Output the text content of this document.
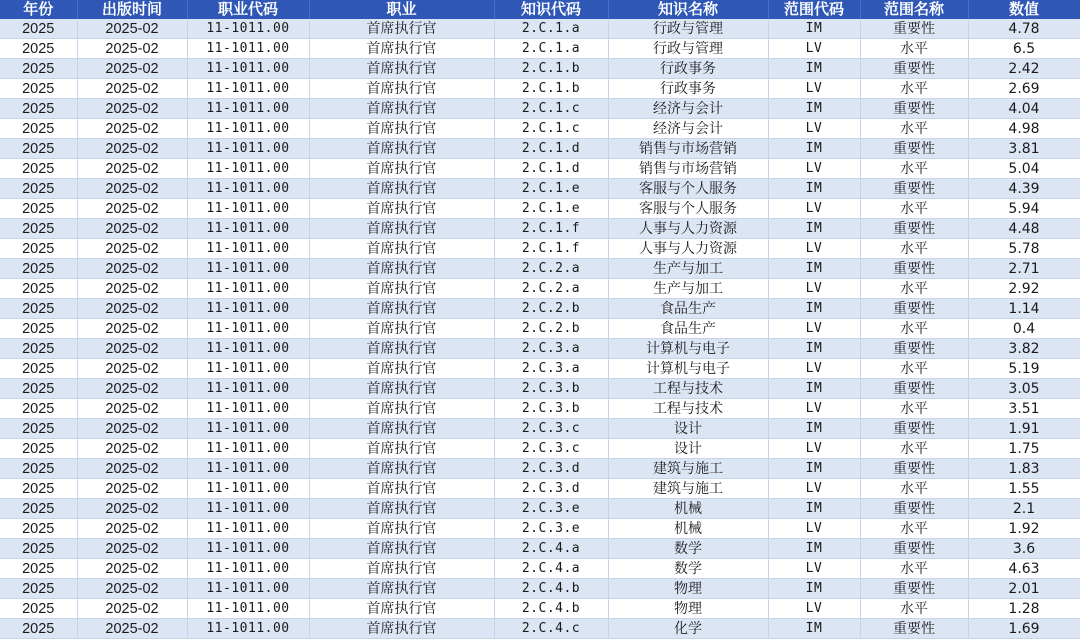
年份	出版时间	职业代码	职业	知识代码	知识名称	范围代码	范围名称	数值
2025	2025-02	11-1011.00	首席执行官	2.C.1.a	行政与管理	IM	重要性	4.78
2025	2025-02	11-1011.00	首席执行官	2.C.1.a	行政与管理	LV	水平	6.5
2025	2025-02	11-1011.00	首席执行官	2.C.1.b	行政事务	IM	重要性	2.42
2025	2025-02	11-1011.00	首席执行官	2.C.1.b	行政事务	LV	水平	2.69
2025	2025-02	11-1011.00	首席执行官	2.C.1.c	经济与会计	IM	重要性	4.04
2025	2025-02	11-1011.00	首席执行官	2.C.1.c	经济与会计	LV	水平	4.98
2025	2025-02	11-1011.00	首席执行官	2.C.1.d	销售与市场营销	IM	重要性	3.81
2025	2025-02	11-1011.00	首席执行官	2.C.1.d	销售与市场营销	LV	水平	5.04
2025	2025-02	11-1011.00	首席执行官	2.C.1.e	客服与个人服务	IM	重要性	4.39
2025	2025-02	11-1011.00	首席执行官	2.C.1.e	客服与个人服务	LV	水平	5.94
2025	2025-02	11-1011.00	首席执行官	2.C.1.f	人事与人力资源	IM	重要性	4.48
2025	2025-02	11-1011.00	首席执行官	2.C.1.f	人事与人力资源	LV	水平	5.78
2025	2025-02	11-1011.00	首席执行官	2.C.2.a	生产与加工	IM	重要性	2.71
2025	2025-02	11-1011.00	首席执行官	2.C.2.a	生产与加工	LV	水平	2.92
2025	2025-02	11-1011.00	首席执行官	2.C.2.b	食品生产	IM	重要性	1.14
2025	2025-02	11-1011.00	首席执行官	2.C.2.b	食品生产	LV	水平	0.4
2025	2025-02	11-1011.00	首席执行官	2.C.3.a	计算机与电子	IM	重要性	3.82
2025	2025-02	11-1011.00	首席执行官	2.C.3.a	计算机与电子	LV	水平	5.19
2025	2025-02	11-1011.00	首席执行官	2.C.3.b	工程与技术	IM	重要性	3.05
2025	2025-02	11-1011.00	首席执行官	2.C.3.b	工程与技术	LV	水平	3.51
2025	2025-02	11-1011.00	首席执行官	2.C.3.c	设计	IM	重要性	1.91
2025	2025-02	11-1011.00	首席执行官	2.C.3.c	设计	LV	水平	1.75
2025	2025-02	11-1011.00	首席执行官	2.C.3.d	建筑与施工	IM	重要性	1.83
2025	2025-02	11-1011.00	首席执行官	2.C.3.d	建筑与施工	LV	水平	1.55
2025	2025-02	11-1011.00	首席执行官	2.C.3.e	机械	IM	重要性	2.1
2025	2025-02	11-1011.00	首席执行官	2.C.3.e	机械	LV	水平	1.92
2025	2025-02	11-1011.00	首席执行官	2.C.4.a	数学	IM	重要性	3.6
2025	2025-02	11-1011.00	首席执行官	2.C.4.a	数学	LV	水平	4.63
2025	2025-02	11-1011.00	首席执行官	2.C.4.b	物理	IM	重要性	2.01
2025	2025-02	11-1011.00	首席执行官	2.C.4.b	物理	LV	水平	1.28
2025	2025-02	11-1011.00	首席执行官	2.C.4.c	化学	IM	重要性	1.69
